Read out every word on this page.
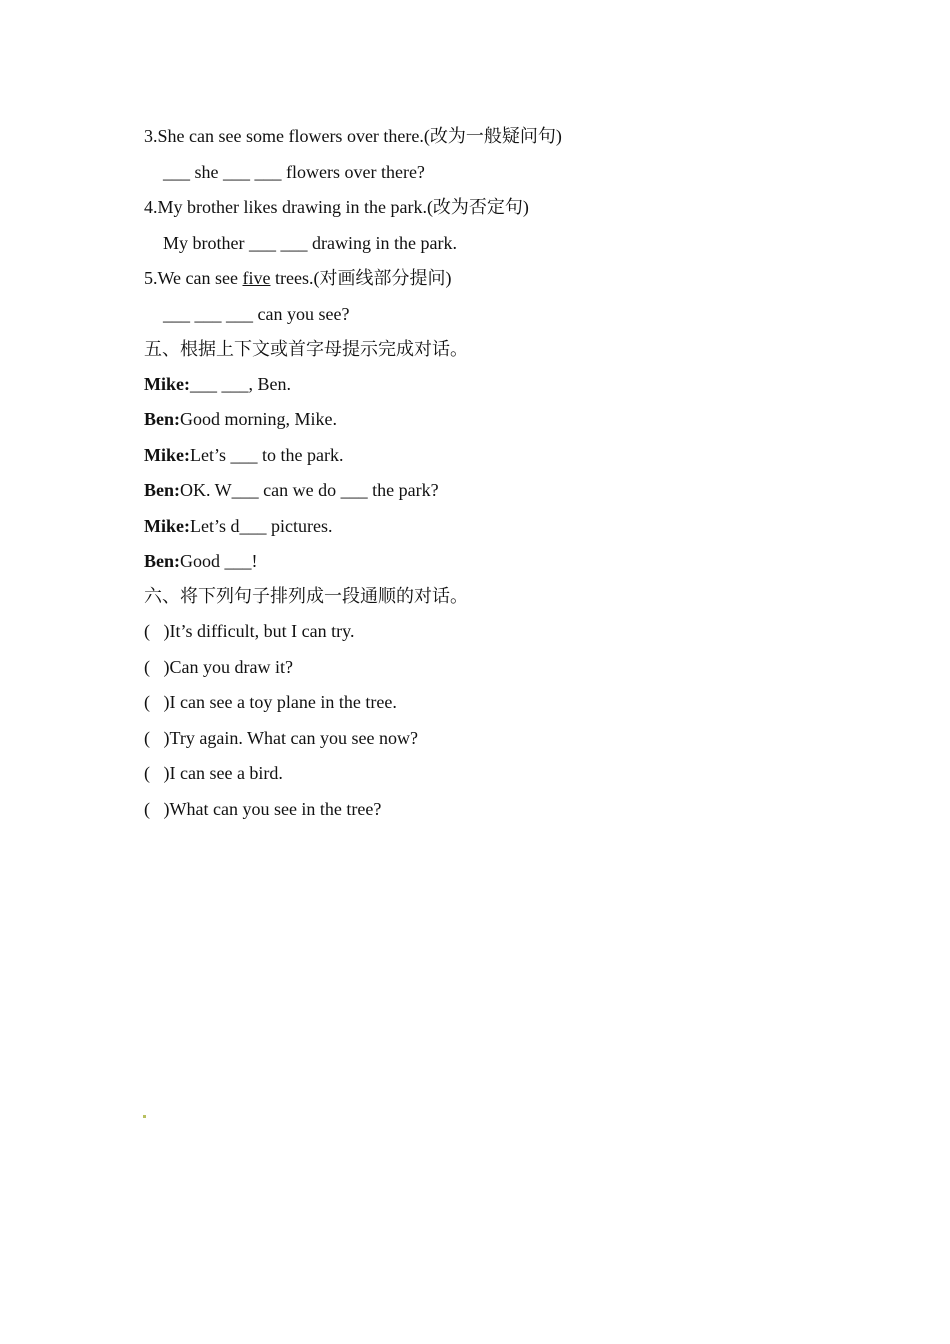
3.She can see some flowers over there.(改为一般疑问句)
___ she ___ ___ flowers over there?
4.My brother likes drawing in the park.(改为否定句)
My brother ___ ___ drawing in the park.
5.We can see five trees.(对画线部分提问)
___ ___ ___ can you see?
五、根据上下文或首字母提示完成对话。
Mike:___ ___, Ben.
Ben:Good morning, Mike.
Mike:Let’s ___ to the park.
Ben:OK. W___ can we do ___ the park?
Mike:Let’s d___ pictures.
Ben:Good ___!
六、将下列句子排列成一段通顺的对话。
(   )It’s difficult, but I can try.
(   )Can you draw it?
(   )I can see a toy plane in the tree.
(   )Try again. What can you see now?
(   )I can see a bird.
(   )What can you see in the tree?
